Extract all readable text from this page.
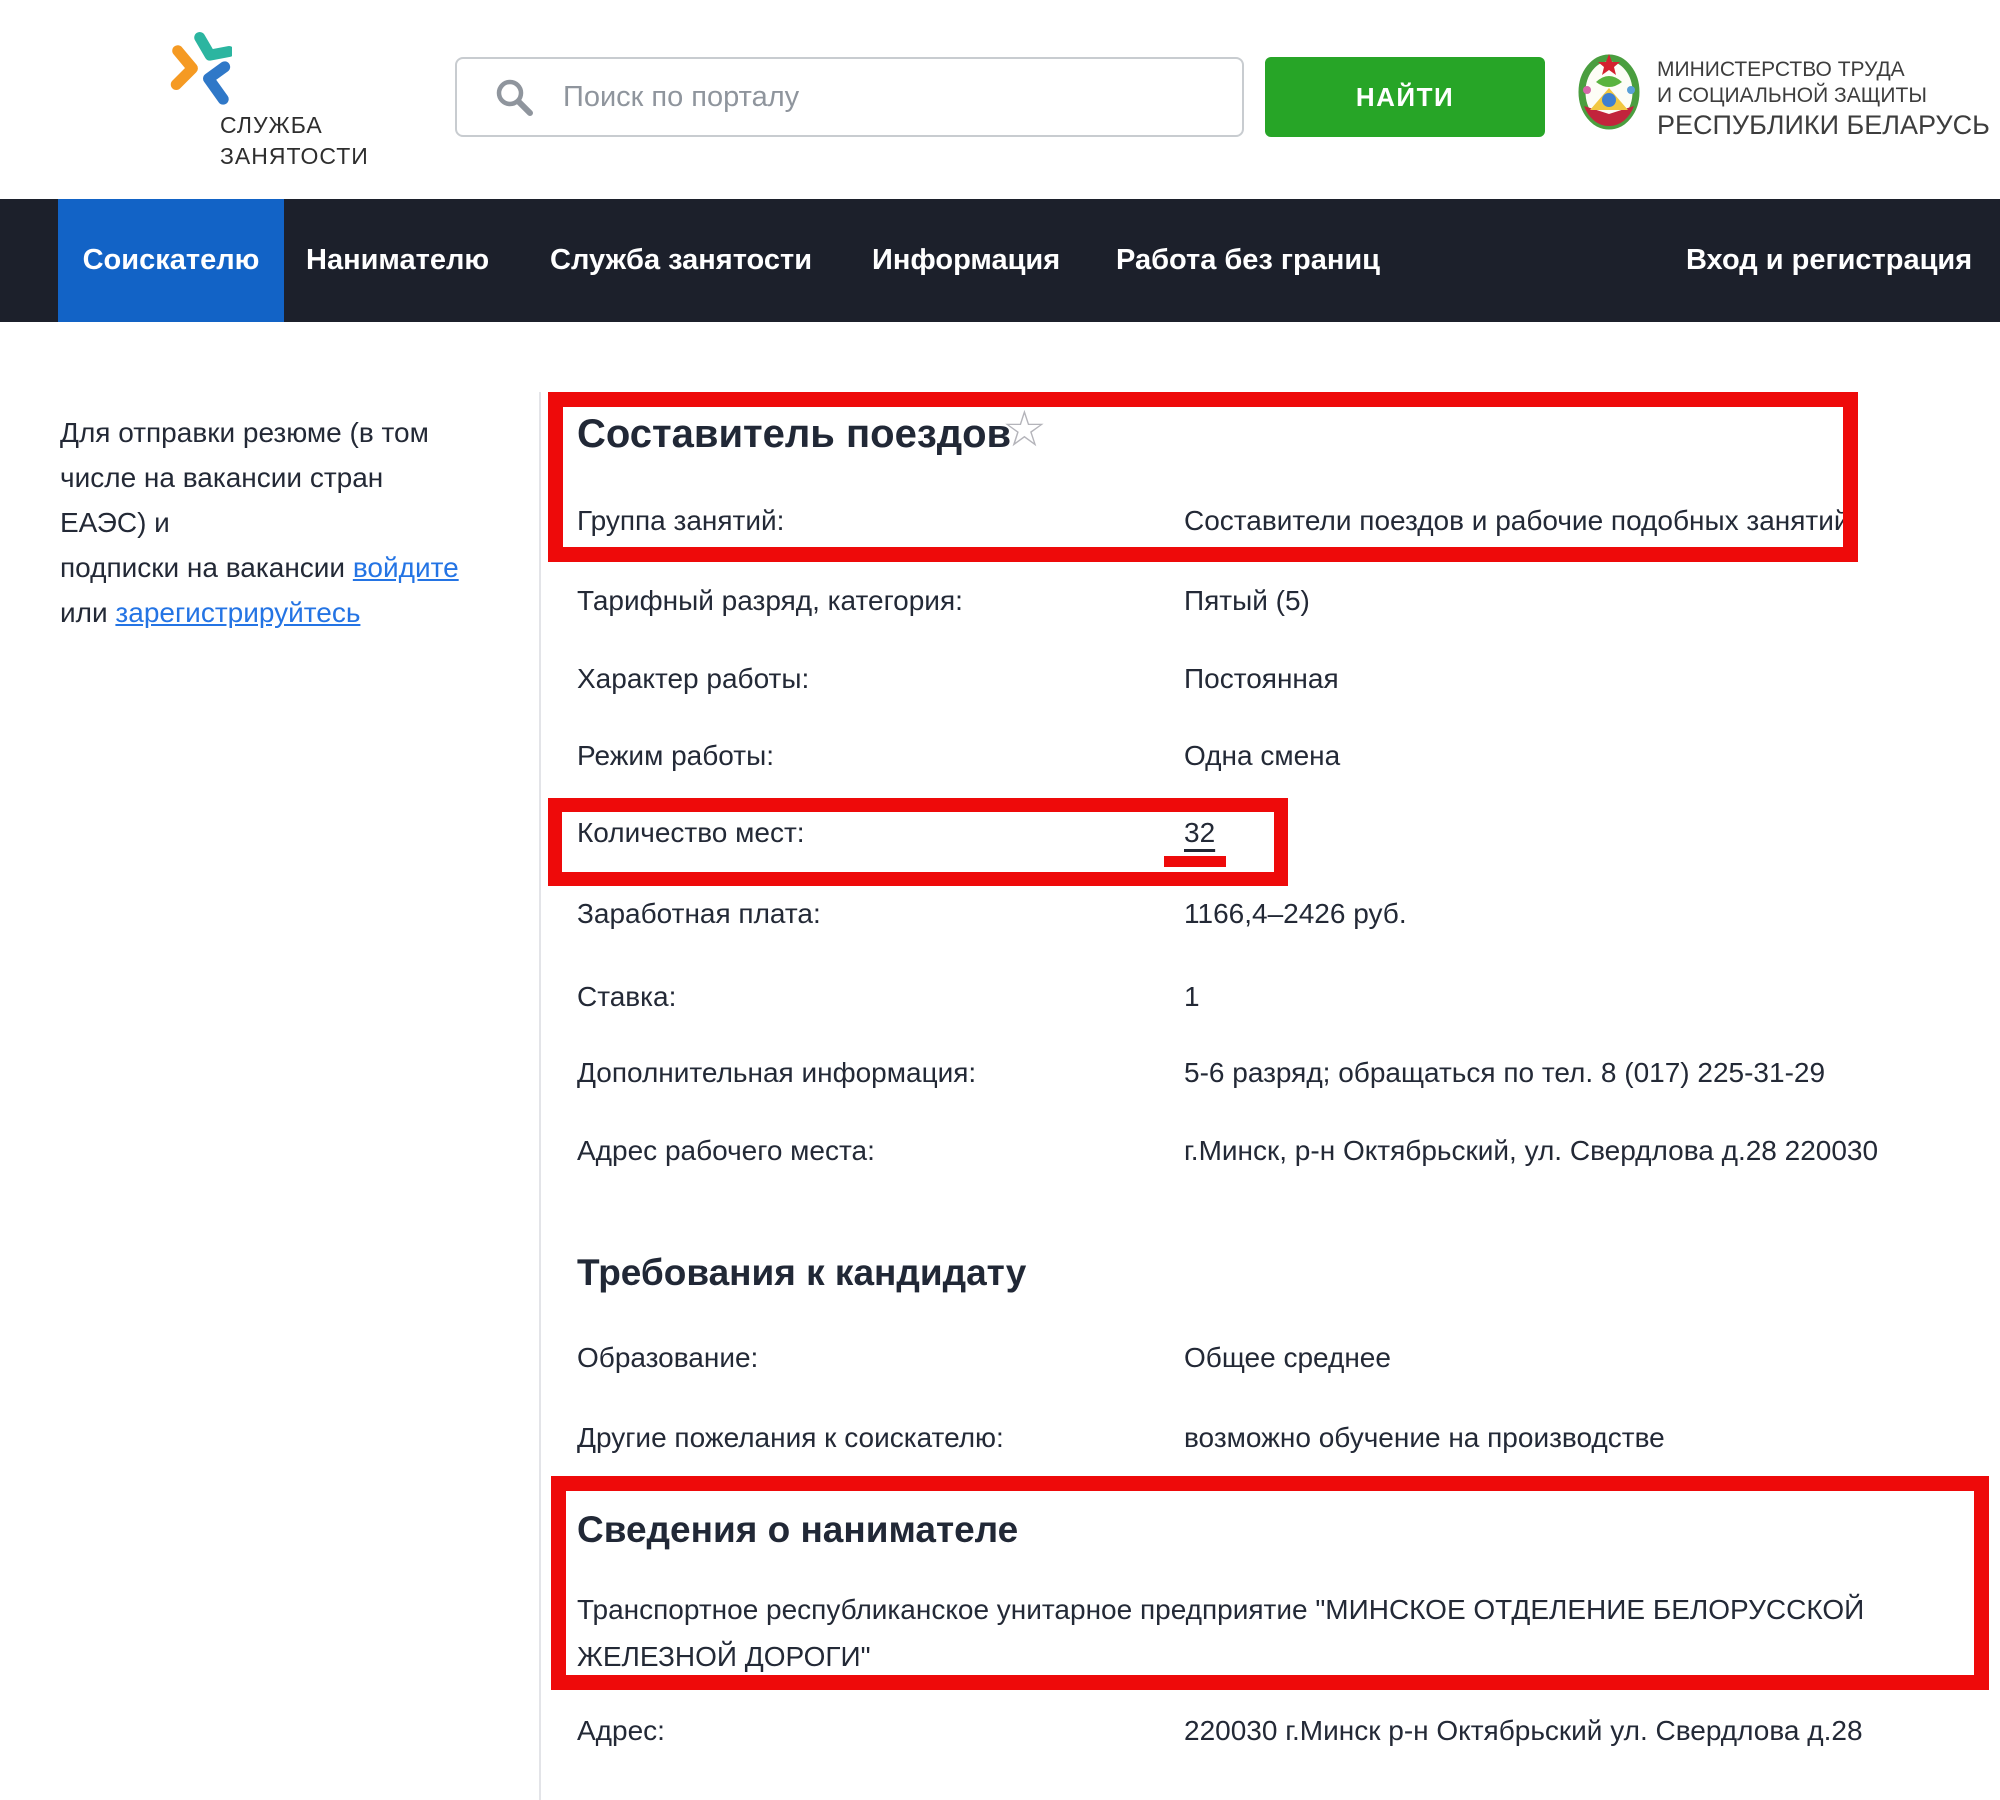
СЛУЖБА
ЗАНЯТОСТИ
Поиск по порталу
НАЙТИ
МИНИСТЕРСТВО ТРУДА
И СОЦИАЛЬНОЙ ЗАЩИТЫ
РЕСПУБЛИКИ БЕЛАРУСЬ
Соискателю Нанимателю Служба занятости Информация Работа без границ	Вход и регистрация
Для отправки резюме (в том
числе на вакансии стран ЕАЭС) и
подписки на вакансии войдите
или зарегистрируйтесь
Составитель поездов
☆
Группа занятий:	Составители поездов и рабочие подобных занятий
Тарифный разряд, категория:	Пятый (5)
Характер работы:	Постоянная
Режим работы:	Одна смена
Количество мест:	32
Заработная плата:	1166,4–2426 руб.
Ставка:	1
Дополнительная информация:	5-6 разряд; обращаться по тел. 8 (017) 225-31-29
Адрес рабочего места:	г.Минск, р-н Октябрьский, ул. Свердлова д.28 220030
Требования к кандидату
Образование:	Общее среднее
Другие пожелания к соискателю:	возможно обучение на производстве
Сведения о нанимателе
Транспортное республиканское унитарное предприятие "МИНСКОЕ ОТДЕЛЕНИЕ БЕЛОРУССКОЙ ЖЕЛЕЗНОЙ ДОРОГИ"
Адрес:	220030 г.Минск р-н Октябрьский ул. Свердлова д.28
